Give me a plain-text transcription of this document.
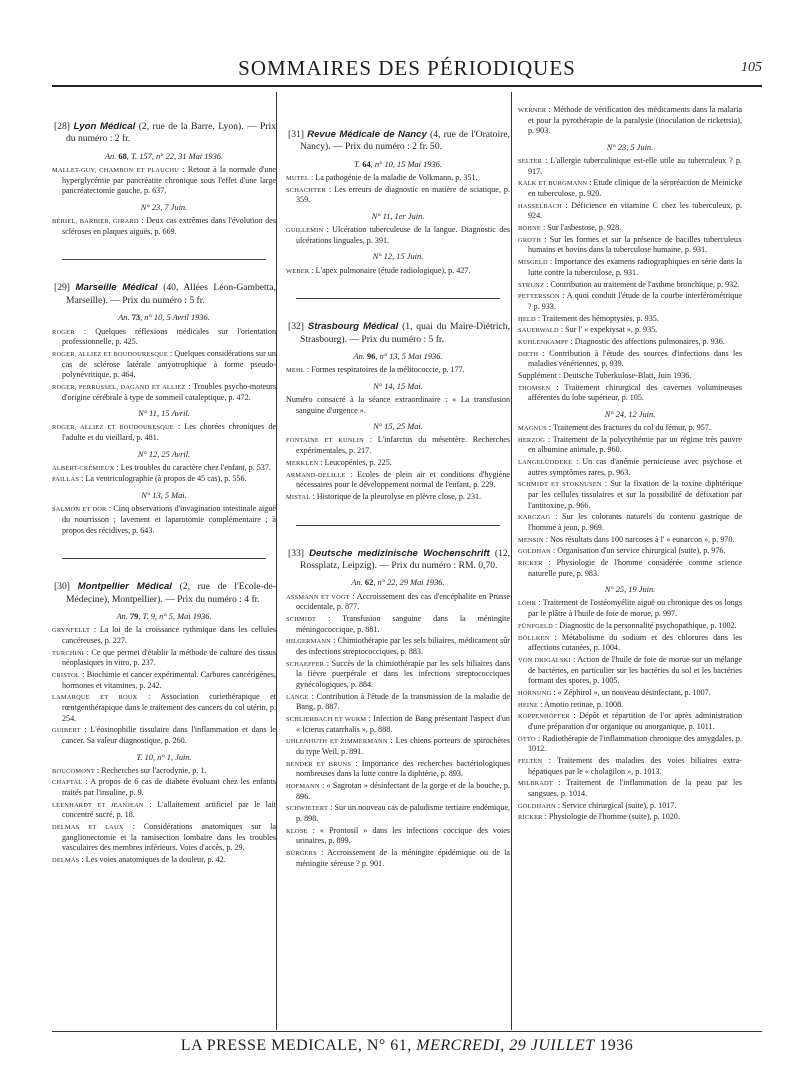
SOMMAIRES DES PÉRIODIQUES	105
[28] Lyon Médical (2, rue de la Barre, Lyon). — Prix du numéro : 2 fr.
An. 68, T. 157, n° 22, 31 Mai 1936.
MALLET-GUY, CHAMBON ET PLAUCHU : Retour à la normale d'une hyperglycémie par pancréatite chronique sous l'effet d'une large pancréatectomie gauche, p. 637.
N° 23, 7 Juin.
BÉRIEL, BARBIER, GIRARD : Deux cas extrêmes dans l'évolution des scléroses en plaques aiguës, p. 669.
[29] Marseille Médical (40, Allées Léon-Gambetta, Marseille). — Prix du numéro : 5 fr.
An. 73, n° 10, 5 Avril 1936.
ROGER : Quelques réflexions médicales sur l'orientation professionnelle, p. 425.
ROGER, ALLIEZ ET BOUDOURESQUE : Quelques considérations sur un cas de sclérose latérale amyotrophique à forme pseudo-polynévritique, p. 464.
ROGER, PERRUSSEL, DAGAND ET ALLIEZ : Troubles psycho-moteurs d'origine cérébrale à type de sommeil cataleptique, p. 472.
N° 11, 15 Avril.
ROGER, ALLIEZ ET BOUDOURESQUE : Les chorées chroniques de l'adulte et du vieillard, p. 481.
N° 12, 25 Avril.
ALBERT-CRÉMIEUX : Les troubles du caractère chez l'enfant, p. 537.
PAILLAS : La ventriculographie (à propos de 45 cas), p. 556.
N° 13, 5 Mai.
SALMON ET DOR : Cinq observations d'invagination intestinale aiguë du nourrisson ; lavement et laparotomie complémentaire ; à propos des récidives, p. 643.
[30] Montpellier Médical (2, rue de l'Ecole-de-Médecine), Montpellier). — Prix du numéro : 4 fr.
An. 79, T. 9, n° 5, Mai 1936.
GRYNFELLT : La loi de la croissance rythmique dans les cellules cancéreuses, p. 227.
TURCHINI : Ce que permet d'établir la méthode de culture des tissus néoplasiques in vitro, p. 237.
CRISTOL : Biochimie et cancer expérimental. Carbures cancérigènes, hormones et vitamines, p. 242.
LAMARQUE ET ROUX : Association curiethérapique et rœntgenthérapique dans le traitement des cancers du col utérin, p. 254.
GUIBERT : L'éosinophilie tissulaire dans l'inflammation et dans le cancer. Sa valeur diagnostique, p. 260.
T. 10, n° 1, Juin.
BOUCOMONT : Recherches sur l'acrodynie, p. 1.
CHAPTAL : A propos de 6 cas de diabète évoluant chez les enfants traités par l'insuline, p. 9.
LEENHARDT ET JEANJEAN : L'allaitement artificiel par le lait concentré sucré, p. 18.
DELMAS ET LAUX : Considérations anatomiques sur la ganglionectomie et la ramisection lombaire dans les troubles vasculaires des membres inférieurs. Voies d'accès, p. 29.
DELMAS : Les voies anatomiques de la douleur, p. 42.
[31] Revue Médicale de Nancy (4, rue de l'Oratoire, Nancy). — Prix du numéro : 2 fr. 50.
T. 64, n° 10, 15 Mai 1936.
MUTEL : La pathogénie de la maladie de Volkmann, p. 351.
SCHACHTER : Les erreurs de diagnostic en matière de sciatique, p. 359.
N° 11, 1er Juin.
GUILLEMIN : Ulcération tuberculeuse de la langue. Diagnostic des ulcérations linguales, p. 391.
N° 12, 15 Juin.
WEBER : L'apex pulmonaire (étude radiologique), p. 427.
[32] Strasbourg Médical (1, quai du Maire-Diétrich, Strasbourg). — Prix du numéro : 5 fr.
An. 96, n° 13, 5 Mai 1936.
MEHL : Formes respiratoires de la mélitococcie, p. 177.
N° 14, 15 Mai.
Numéro consacré à la séance extraordinaire : « La transfusion sanguine d'urgence ».
N° 15, 25 Mai.
FONTAINE ET KUNLIN : L'infarctus du mésentère. Recherches expérimentales, p. 217.
MERKLEN : Leucopénies, p. 225.
ARMAND-DELILLE : Ecoles de plein air et conditions d'hygiène nécessaires pour le développement normal de l'enfant, p. 229.
MISTAL : Historique de la pleurolyse en plèvre close, p. 231.
[33] Deutsche medizinische Wochenschrift (12, Rossplatz, Leipzig). — Prix du numéro : RM. 0,70.
An. 62, n° 22, 29 Mai 1936.
ASSMANN ET VOGT : Accroissement des cas d'encéphalite en Prusse occidentale, p. 877.
SCHMIDT : Transfusion sanguine dans la méningite méningococcique, p. 881.
HILGERMANN : Chimiothérapie par les sels biliaires, médicament sûr des infections streptococciques, p. 883.
SCHAEFFER : Succès de la chimiothérapie par les sels biliaires dans la fièvre puerpérale et dans les infections streptococciques gynécologiques, p. 884.
LANGE : Contribution à l'étude de la transmission de la maladie de Bang, p. 887.
SCHLIERBACH ET WURM : Infection de Bang présentant l'aspect d'un « Icterus catarrhalis », p. 888.
UHLENHUTH ET ZIMMERMANN : Les chiens porteurs de spirochètes du type Weil, p. 891.
BENDER ET BRUNS : Importance des recherches bactériologiques nombreuses dans la lutte contre la diphtérie, p. 893.
HOFMANN : « Sagrotan » désinfectant de la gorge et de la bouche, p. 896.
SCHWIETERT : Sur un nouveau cas de paludisme tertiaire endémique, p. 898.
KLOSE : « Prontosil » dans les infections coccique des voies urinaires, p. 899.
BÜRGERS : Accroissement de la méningite épidémique ou de la méningite séreuse ? p. 901.
WERNER : Méthode de vérification des médicaments dans la malaria et pour la pyrothérapie de la paralysie (inoculation de rickettsia), p. 903.
N° 23, 5 Juin.
SELTER : L'allergie tuberculinique est-elle utile au tuberculeux ? p. 917.
KALK ET BURGMANN : Etude clinique de la séroréaction de Meinicke en tuberculose, p. 920.
HASSELBACH : Déficience en vitamine C chez les tuberculeux, p. 924.
BOHNE : Sur l'asbestose, p. 928.
GROTH : Sur les formes et sur la présence de bacilles tuberculeux humains et bovins dans la tuberculose humaine, p. 931.
MISGELD : Importance des examens radiographiques en série dans la lutte contre la tuberculose, p. 931.
STRUNZ : Contribution au traitement de l'asthme bronchique, p. 932.
PETTERSSON : A quoi conduit l'étude de la courbe interférométrique ? p. 933.
HELD : Traitement des hémoptysies, p. 935.
SAUERWALD : Sur l' « expektysat », p. 935.
KUHLENKAMPF : Diagnostic des affections pulmonaires, p. 936.
DIETH : Contribution à l'étude des sources d'infections dans les maladies vénériennes, p. 939.
Supplément : Deutsche Tuberkulose-Blatt, Juin 1936.
THOMSEN : Traitement chirurgical des cavernes volumineuses afférentes du lobe supérieur, p. 105.
N° 24, 12 Juin.
MAGNUS : Traitement des fractures du col du fémur, p. 957.
HERZOG : Traitement de la polycythémie par un régime très pauvre en albumine animale, p. 960.
LANGELÜDDEKE : Un cas d'anémie pernicieuse avec psychose et autres symptômes rares, p. 963.
SCHMIDT ET STOKNUSEN : Sur la fixation de la toxine diphtérique par les cellules tissulaires et sur la possibilité de défixation par l'antitoxine, p. 966.
KARCZAG : Sur les colorants naturels du contenu gastrique de l'homme à jeun, p. 969.
MENSIN : Nos résultats dans 100 narcoses à l' « eunarcon », p. 970.
GOLDHAN : Organisation d'un service chirurgical (suite), p. 976.
RICKER : Physiologie de l'homme considérée comme science naturelle pure, p. 983.
N° 25, 19 Juin.
LÖHR : Traitement de l'ostéomyélite aiguë ou chronique des os longs par le plâtre à l'huile de foie de morue, p. 997.
FÜNFGELD : Diagnostic de la personnalité psychopathique, p. 1002.
DÖLLKEN : Métabolisme du sodium et des chlorures dans les affections cutanées, p. 1004.
VON DRIGALSKI : Action de l'huile de foie de morue sur un mélange de bactéries, en particulier sur les bactéries du sol et les bactéries formant des spores, p. 1005.
HORNUNG : « Zéphirol », un nouveau désinfectant, p. 1007.
HEINE : Amotio retinae, p. 1008.
KOPPENHÖFFER : Dépôt et répartition de l'or après administration d'une préparation d'or organique ou anorganique, p. 1011.
OTTO : Radiothérapie de l'inflammation chronique des amygdales, p. 1012.
FELTEN : Traitement des maladies des voies biliaires extra-hépatiques par le « cholagilon », p. 1013.
MILBRADT : Traitement de l'inflammation de la peau par les sangsues, p. 1014.
GOLDHAHN : Service chirurgical (suite), p. 1017.
RICKER : Physiologie de l'homme (suite), p. 1020.
LA PRESSE MEDICALE, N° 61, MERCREDI, 29 JUILLET 1936
